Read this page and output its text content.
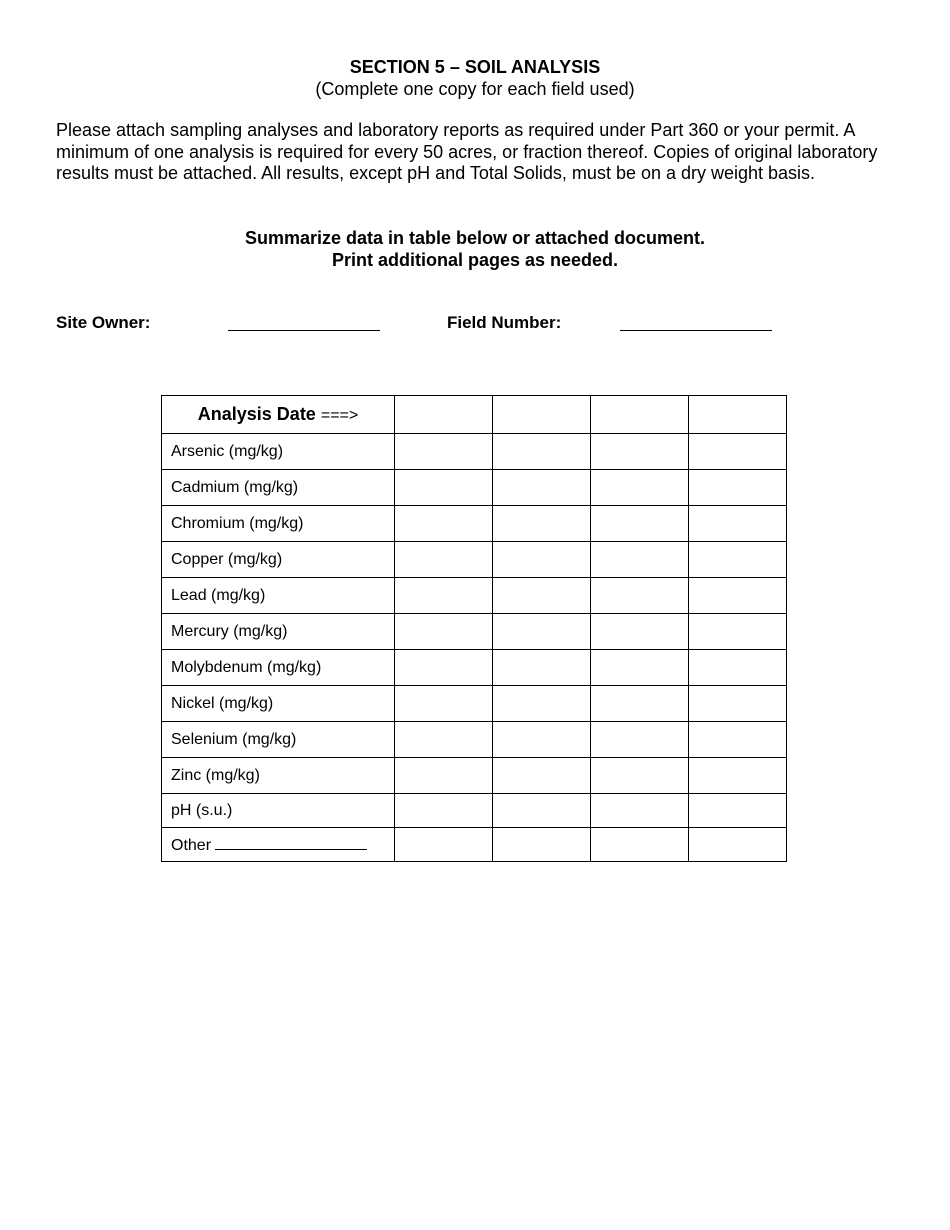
SECTION 5 – SOIL ANALYSIS
(Complete one copy for each field used)
Please attach sampling analyses and laboratory reports as required under Part 360 or your permit. A minimum of one analysis is required for every 50 acres, or fraction thereof. Copies of original laboratory results must be attached. All results, except pH and Total Solids, must be on a dry weight basis.
Summarize data in table below or attached document.
Print additional pages as needed.
Site Owner:	Field Number:
Analysis Date ===>				
Arsenic (mg/kg)				
Cadmium (mg/kg)				
Chromium (mg/kg)				
Copper (mg/kg)				
Lead (mg/kg)				
Mercury (mg/kg)				
Molybdenum (mg/kg)				
Nickel (mg/kg)				
Selenium (mg/kg)				
Zinc (mg/kg)				
pH (s.u.)				
Other				
